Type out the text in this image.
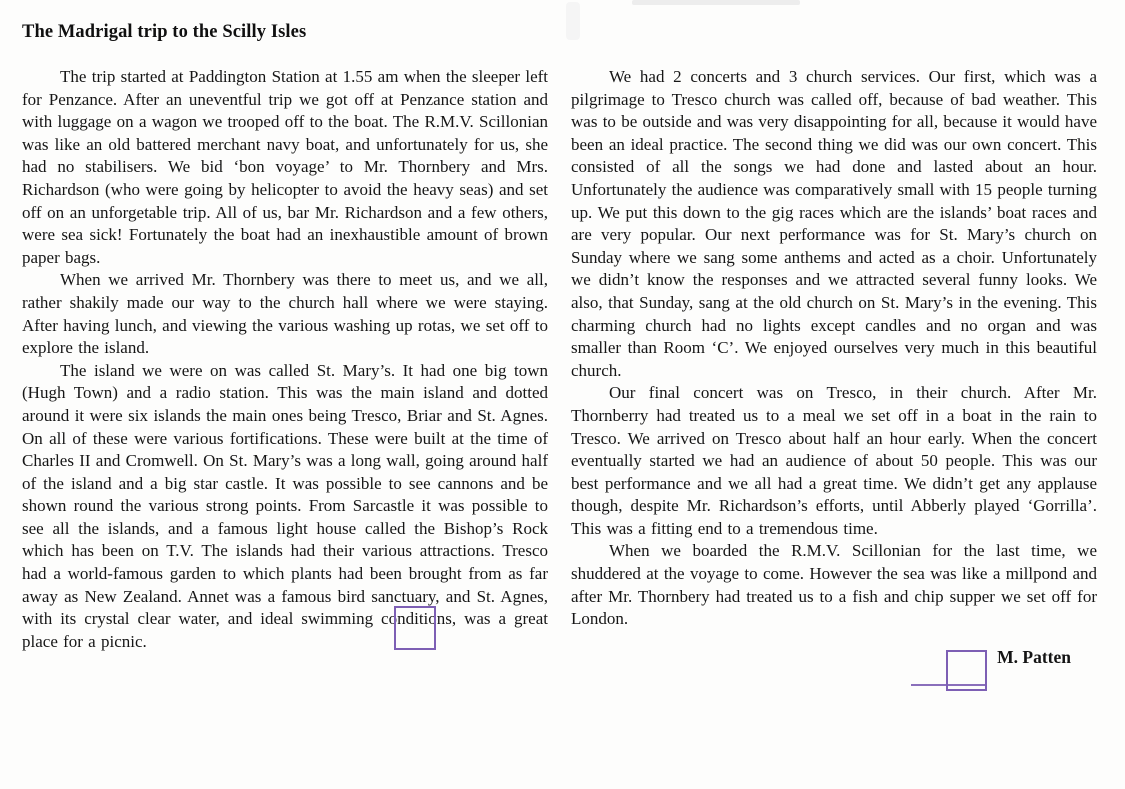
The Madrigal trip to the Scilly Isles

The trip started at Paddington Station at 1.55 am when the sleeper left for Penzance. After an uneventful trip we got off at Penzance station and with luggage on a wagon we trooped off to the boat. The R.M.V. Scillonian was like an old battered merchant navy boat, and unfortunately for us, she had no stabilisers. We bid ‘bon voyage’ to Mr. Thornbery and Mrs. Richardson (who were going by helicopter to avoid the heavy seas) and set off on an unforgetable trip. All of us, bar Mr. Richardson and a few others, were sea sick! Fortunately the boat had an inexhaustible amount of brown paper bags.

When we arrived Mr. Thornbery was there to meet us, and we all, rather shakily made our way to the church hall where we were staying. After having lunch, and viewing the various washing up rotas, we set off to explore the island.

The island we were on was called St. Mary’s. It had one big town (Hugh Town) and a radio station. This was the main island and dotted around it were six islands the main ones being Tresco, Briar and St. Agnes. On all of these were various fortifications. These were built at the time of Charles II and Cromwell. On St. Mary’s was a long wall, going around half of the island and a big star castle. It was possible to see cannons and be shown round the various strong points. From Sarcastle it was possible to see all the islands, and a famous light house called the Bishop’s Rock which has been on T.V. The islands had their various attractions. Tresco had a world-famous garden to which plants had been brought from as far away as New Zealand. Annet was a famous bird sanctuary, and St. Agnes, with its crystal clear water, and ideal swimming conditions, was a great place for a picnic.

We had 2 concerts and 3 church services. Our first, which was a pilgrimage to Tresco church was called off, because of bad weather. This was to be outside and was very disappointing for all, because it would have been an ideal practice. The second thing we did was our own concert. This consisted of all the songs we had done and lasted about an hour. Unfortunately the audience was comparatively small with 15 people turning up. We put this down to the gig races which are the islands’ boat races and are very popular. Our next performance was for St. Mary’s church on Sunday where we sang some anthems and acted as a choir. Unfortunately we didn’t know the responses and we attracted several funny looks. We also, that Sunday, sang at the old church on St. Mary’s in the evening. This charming church had no lights except candles and no organ and was smaller than Room ‘C’. We enjoyed ourselves very much in this beautiful church.

Our final concert was on Tresco, in their church. After Mr. Thornberry had treated us to a meal we set off in a boat in the rain to Tresco. We arrived on Tresco about half an hour early. When the concert eventually started we had an audience of about 50 people. This was our best performance and we all had a great time. We didn’t get any applause though, despite Mr. Richardson’s efforts, until Abberly played ‘Gorrilla’. This was a fitting end to a tremendous time.

When we boarded the R.M.V. Scillonian for the last time, we shuddered at the voyage to come. However the sea was like a millpond and after Mr. Thornbery had treated us to a fish and chip supper we set off for London.

M. Patten
